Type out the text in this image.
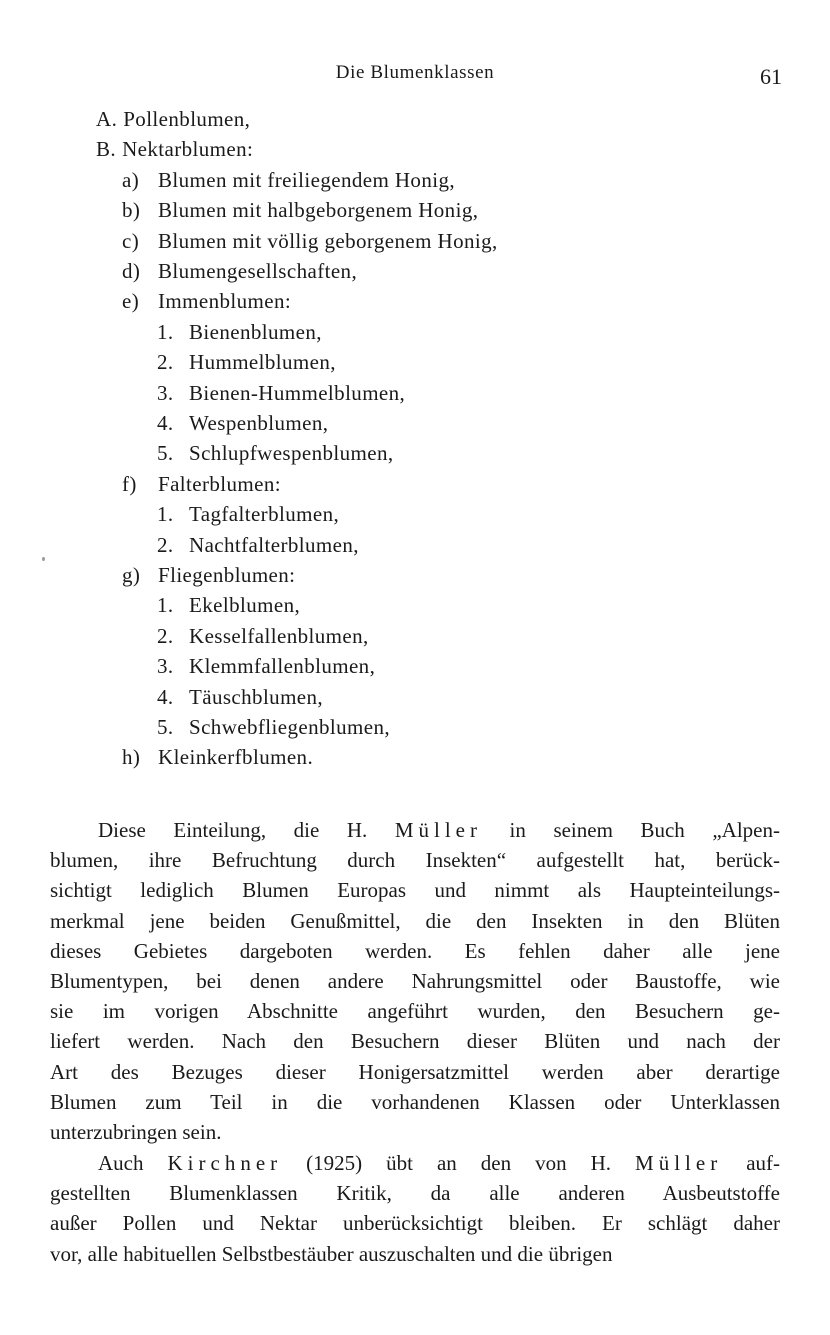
Die Blumenklassen	61
A. Pollenblumen,
B. Nektarblumen:
a) Blumen mit freiliegendem Honig,
b) Blumen mit halbgeborgenem Honig,
c) Blumen mit völlig geborgenem Honig,
d) Blumengesellschaften,
e) Immenblumen:
1. Bienenblumen,
2. Hummelblumen,
3. Bienen-Hummelblumen,
4. Wespenblumen,
5. Schlupfwespenblumen,
f) Falterblumen:
1. Tagfalterblumen,
2. Nachtfalterblumen,
g) Fliegenblumen:
1. Ekelblumen,
2. Kesselfallenblumen,
3. Klemmfallenblumen,
4. Täuschblumen,
5. Schwebfliegenblumen,
h) Kleinkerfblumen.

Diese Einteilung, die H. Müller in seinem Buch „Alpen-
blumen, ihre Befruchtung durch Insekten“ aufgestellt hat, berück-
sichtigt lediglich Blumen Europas und nimmt als Haupteinteilungs-
merkmal jene beiden Genußmittel, die den Insekten in den Blüten
dieses Gebietes dargeboten werden. Es fehlen daher alle jene
Blumentypen, bei denen andere Nahrungsmittel oder Baustoffe, wie
sie im vorigen Abschnitte angeführt wurden, den Besuchern ge-
liefert werden. Nach den Besuchern dieser Blüten und nach der
Art des Bezuges dieser Honigersatzmittel werden aber derartige
Blumen zum Teil in die vorhandenen Klassen oder Unterklassen
unterzubringen sein.

Auch Kirchner (1925) übt an den von H. Müller auf-
gestellten Blumenklassen Kritik, da alle anderen Ausbeutstoffe
außer Pollen und Nektar unberücksichtigt bleiben. Er schlägt daher
vor, alle habituellen Selbstbestäuber auszuschalten und die übrigen
